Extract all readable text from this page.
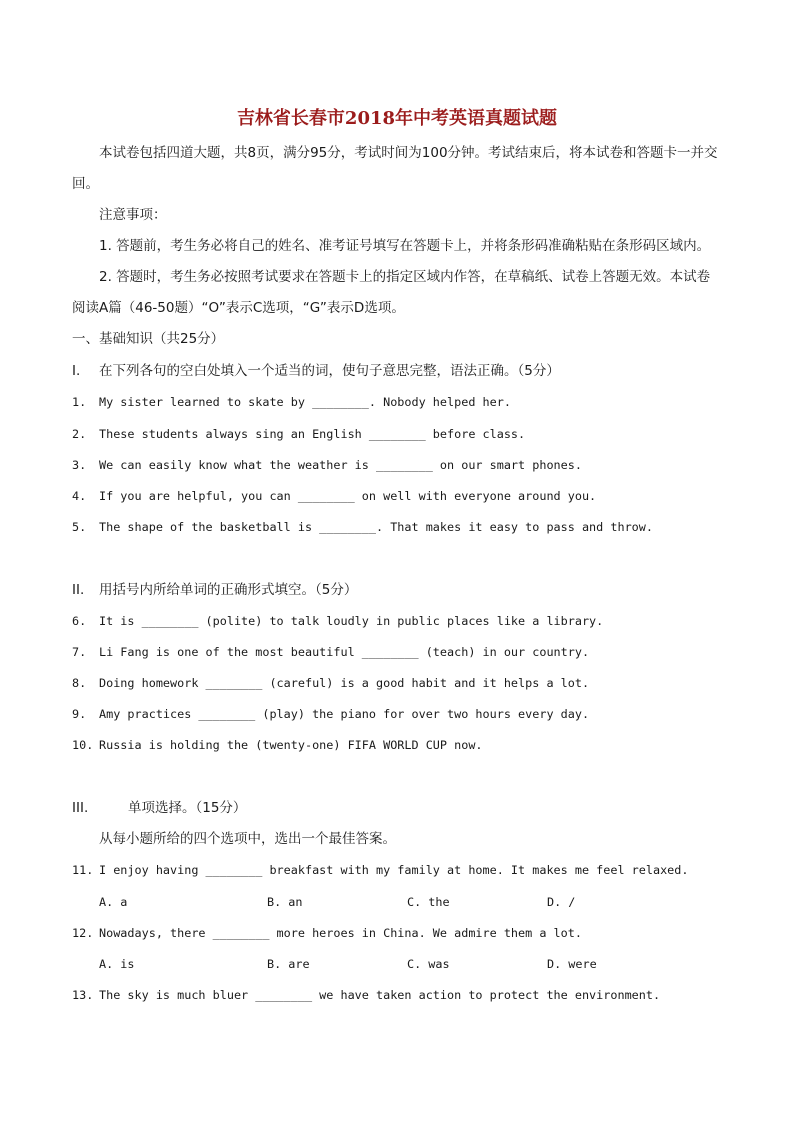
吉林省长春市2018年中考英语真题试题
本试卷包括四道大题，共8页，满分95分，考试时间为100分钟。考试结束后，将本试卷和答题卡一并交回。
注意事项：
1. 答题前，考生务必将自己的姓名、准考证号填写在答题卡上，并将条形码准确粘贴在条形码区域内。
2. 答题时，考生务必按照考试要求在答题卡上的指定区域内作答，在草稿纸、试卷上答题无效。本试卷阅读A篇（46-50题）“O”表示C选项，“G”表示D选项。
一、基础知识（共25分）
I. 在下列各句的空白处填入一个适当的词，使句子意思完整，语法正确。（5分）
1. My sister learned to skate by ________. Nobody helped her.
2. These students always sing an English ________ before class.
3. We can easily know what the weather is ________ on our smart phones.
4. If you are helpful, you can ________ on well with everyone around you.
5. The shape of the basketball is ________. That makes it easy to pass and throw.
II. 用括号内所给单词的正确形式填空。（5分）
6. It is ________ (polite) to talk loudly in public places like a library.
7. Li Fang is one of the most beautiful ________ (teach) in our country.
8. Doing homework ________ (careful) is a good habit and it helps a lot.
9. Amy practices ________ (play) the piano for over two hours every day.
10. Russia is holding the (twenty-one) FIFA WORLD CUP now.
III.	单项选择。（15分）
从每小题所给的四个选项中，选出一个最佳答案。
11. I enjoy having ________ breakfast with my family at home. It makes me feel relaxed.
A. a	B. an	C. the	D. /
12. Nowadays, there ________ more heroes in China. We admire them a lot.
A. is	B. are	C. was	D. were
13. The sky is much bluer ________ we have taken action to protect the environment.
